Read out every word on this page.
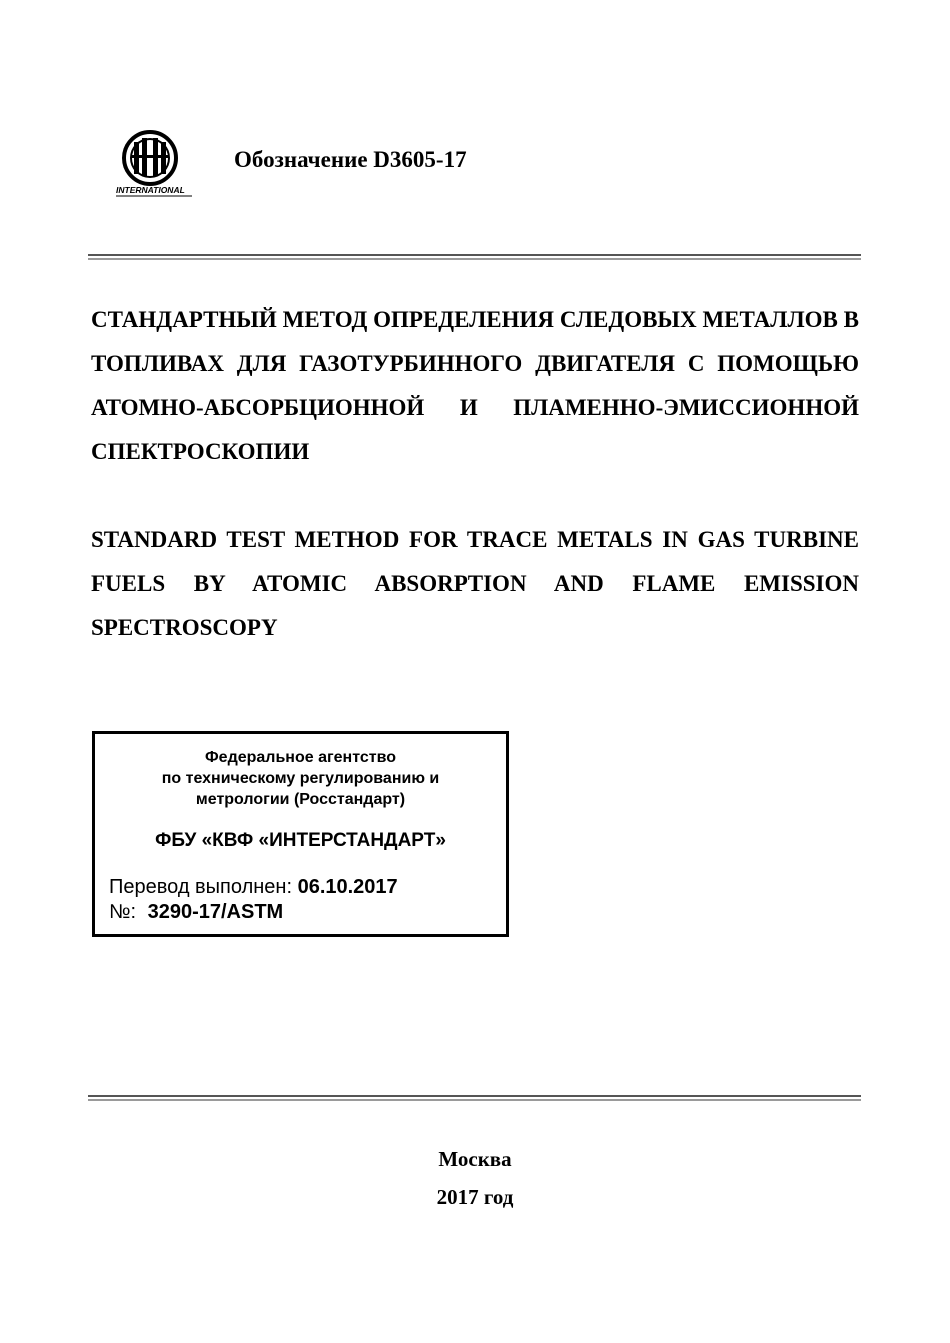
INTERNATIONAL
Обозначение D3605-17

СТАНДАРТНЫЙ МЕТОД ОПРЕДЕЛЕНИЯ СЛЕДОВЫХ МЕТАЛЛОВ В ТОПЛИВАХ ДЛЯ ГАЗОТУРБИННОГО ДВИГАТЕЛЯ С ПОМОЩЬЮ АТОМНО-АБСОРБЦИОННОЙ И ПЛАМЕННО-ЭМИССИОННОЙ СПЕКТРОСКОПИИ

STANDARD TEST METHOD FOR TRACE METALS IN GAS TURBINE FUELS BY ATOMIC ABSORPTION AND FLAME EMISSION SPECTROSCOPY

Федеральное агентство
по техническому регулированию и
метрологии (Росстандарт)
ФБУ «КВФ «ИНТЕРСТАНДАРТ»
Перевод выполнен: 06.10.2017
№: 3290-17/ASTM
Москва
2017 год
